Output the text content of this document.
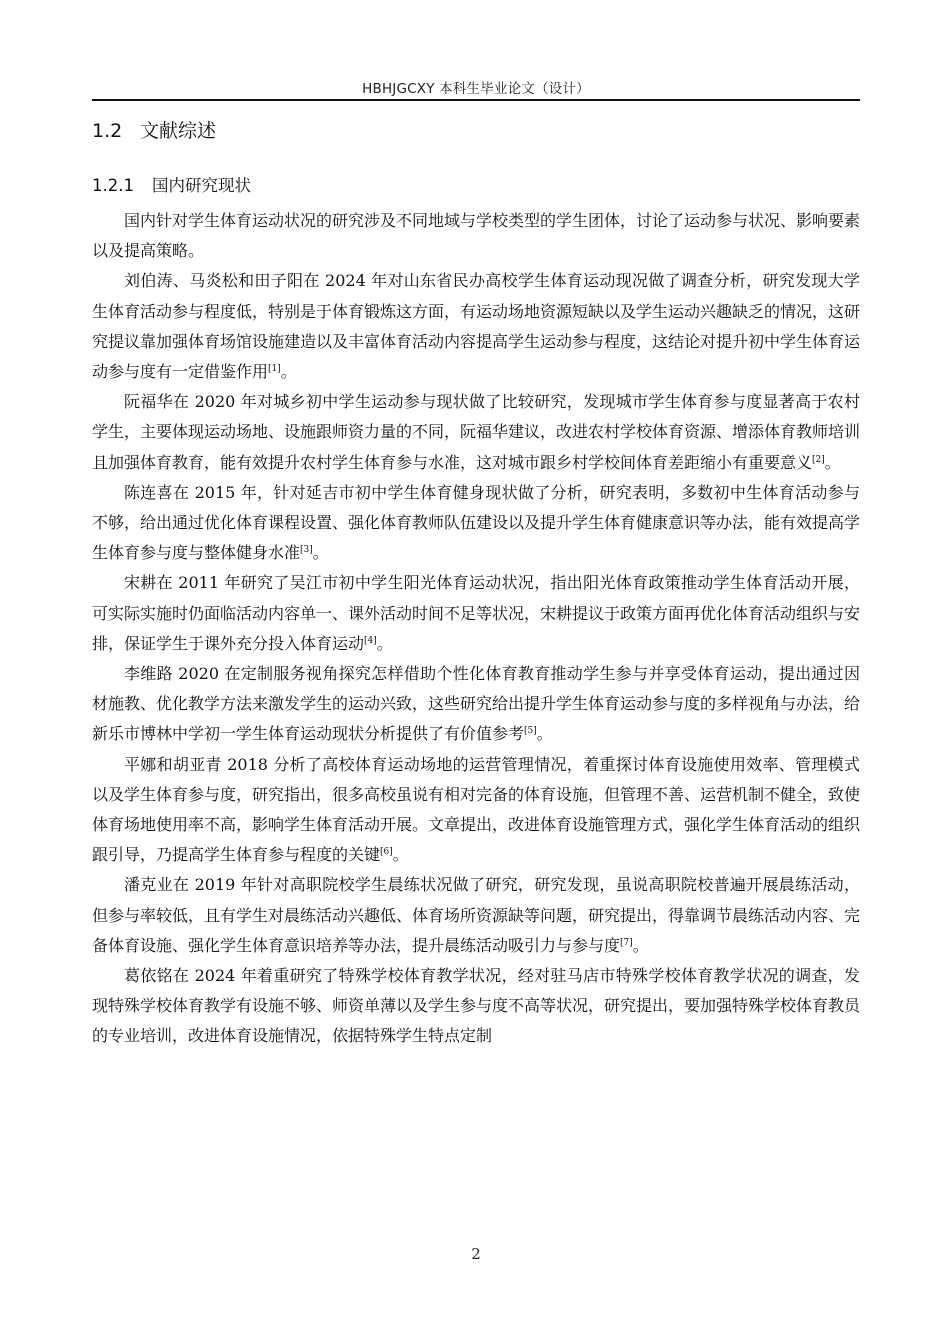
HBHJGCXY 本科生毕业论文（设计）
1.2 文献综述
1.2.1 国内研究现状

国内针对学生体育运动状况的研究涉及不同地域与学校类型的学生团体，讨论了运动参与状况、影响要素以及提高策略。

刘伯涛、马炎松和田子阳在 2024 年对山东省民办高校学生体育运动现况做了调查分析，研究发现大学生体育活动参与程度低，特别是于体育锻炼这方面，有运动场地资源短缺以及学生运动兴趣缺乏的情况，这研究提议靠加强体育场馆设施建造以及丰富体育活动内容提高学生运动参与程度，这结论对提升初中学生体育运动参与度有一定借鉴作用[1]。

阮福华在 2020 年对城乡初中学生运动参与现状做了比较研究，发现城市学生体育参与度显著高于农村学生，主要体现运动场地、设施跟师资力量的不同，阮福华建议，改进农村学校体育资源、增添体育教师培训且加强体育教育，能有效提升农村学生体育参与水准，这对城市跟乡村学校间体育差距缩小有重要意义[2]。

陈连喜在 2015 年，针对延吉市初中学生体育健身现状做了分析，研究表明，多数初中生体育活动参与不够，给出通过优化体育课程设置、强化体育教师队伍建设以及提升学生体育健康意识等办法，能有效提高学生体育参与度与整体健身水准[3]。

宋耕在 2011 年研究了吴江市初中学生阳光体育运动状况，指出阳光体育政策推动学生体育活动开展，可实际实施时仍面临活动内容单一、课外活动时间不足等状况，宋耕提议于政策方面再优化体育活动组织与安排，保证学生于课外充分投入体育运动[4]。

李维路 2020 在定制服务视角探究怎样借助个性化体育教育推动学生参与并享受体育运动，提出通过因材施教、优化教学方法来激发学生的运动兴致，这些研究给出提升学生体育运动参与度的多样视角与办法，给新乐市博林中学初一学生体育运动现状分析提供了有价值参考[5]。

平娜和胡亚青 2018 分析了高校体育运动场地的运营管理情况，着重探讨体育设施使用效率、管理模式以及学生体育参与度，研究指出，很多高校虽说有相对完备的体育设施，但管理不善、运营机制不健全，致使体育场地使用率不高，影响学生体育活动开展。文章提出，改进体育设施管理方式，强化学生体育活动的组织跟引导，乃提高学生体育参与程度的关键[6]。

潘克业在 2019 年针对高职院校学生晨练状况做了研究，研究发现，虽说高职院校普遍开展晨练活动，但参与率较低，且有学生对晨练活动兴趣低、体育场所资源缺等问题，研究提出，得靠调节晨练活动内容、完备体育设施、强化学生体育意识培养等办法，提升晨练活动吸引力与参与度[7]。

葛依铭在 2024 年着重研究了特殊学校体育教学状况，经对驻马店市特殊学校体育教学状况的调查，发现特殊学校体育教学有设施不够、师资单薄以及学生参与度不高等状况，研究提出，要加强特殊学校体育教员的专业培训，改进体育设施情况，依据特殊学生特点定制

2
